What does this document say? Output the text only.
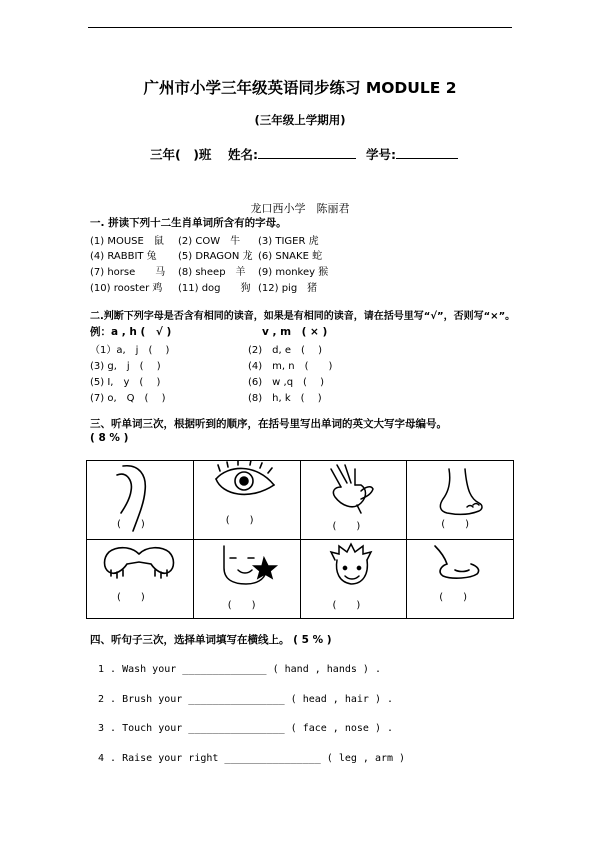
广州市小学三年级英语同步练习 MODULE 2
(三年级上学期用)
三年(　)班 姓名:	学号:
龙口西小学　陈丽君
一. 拼读下列十二生肖单词所含有的字母。
(1) MOUSE　鼠 (2) COW　牛 (3) TIGER 虎
(4) RABBIT 兔 (5) DRAGON 龙 (6) SNAKE 蛇
(7) horse　　马 (8) sheep　羊 (9) monkey 猴
(10) rooster 鸡 (11) dog　　狗 (12) pig　猪
二.判断下列字母是否含有相同的读音，如果是有相同的读音，请在括号里写“√”，否则写“×”。
例：a , h (　√ )	v , m　( × )
（1）a,　j　(　 )	(2)　d, e　(　 )
(3) g,　j　(　 )	(4)　m, n　(　　)
(5) I,　y　(　 )	(6)　w ,q　(　 )
(7) o,　Q　(　 )	(8)　h, k　(　 )
三、听单词三次，根据听到的顺序，在括号里写出单词的英文大写字母编号。
( 8 % )
(　　)	(　　)	(　　)	(　　)

(　　)	(　　)	(　　)	(　　)
四、听句子三次，选择单词填写在横线上。 ( 5 % )
1 . Wash your ______________ ( hand , hands ) .
2 . Brush your ________________ ( head , hair ) .
3 . Touch your ________________ ( face , nose ) .
4 . Raise your right ________________ ( leg , arm )
